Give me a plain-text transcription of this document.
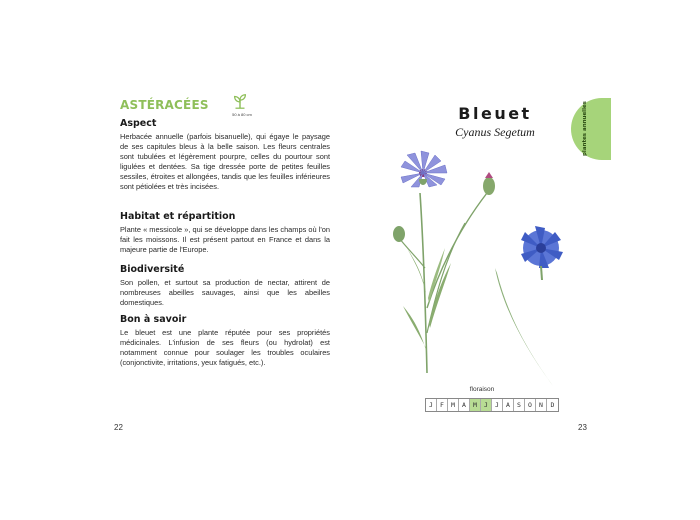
ASTÉRACÉES
50 à 80 cm
Aspect
Herbacée annuelle (parfois bisanuelle), qui égaye le paysage de ses capitules bleus à la belle saison. Les fleurs centrales sont tubulées et légèrement pourpre, celles du pourtour sont ligulées et dentées. Sa tige dressée porte de petites feuilles sessiles, étroites et allongées, tandis que les feuilles inférieures sont pétiolées et très incisées.
Habitat et répartition
Plante « messicole », qui se développe dans les champs où l'on fait les moissons. Il est présent partout en France et dans la majeure partie de l'Europe.
Biodiversité
Son pollen, et surtout sa production de nectar, attirent de nombreuses abeilles sauvages, ainsi que les abeilles domestiques.
Bon à savoir
Le bleuet est une plante réputée pour ses propriétés médicinales. L'infusion de ses fleurs (ou hydrolat) est notamment connue pour soulager les troubles oculaires (conjonctivite, irritations, yeux fatigués, etc.).
22
Bleuet
Cyanus Segetum	plantes annuelles
floraison
J	F	M	A	M	J	J	A	S	O	N	D
23
